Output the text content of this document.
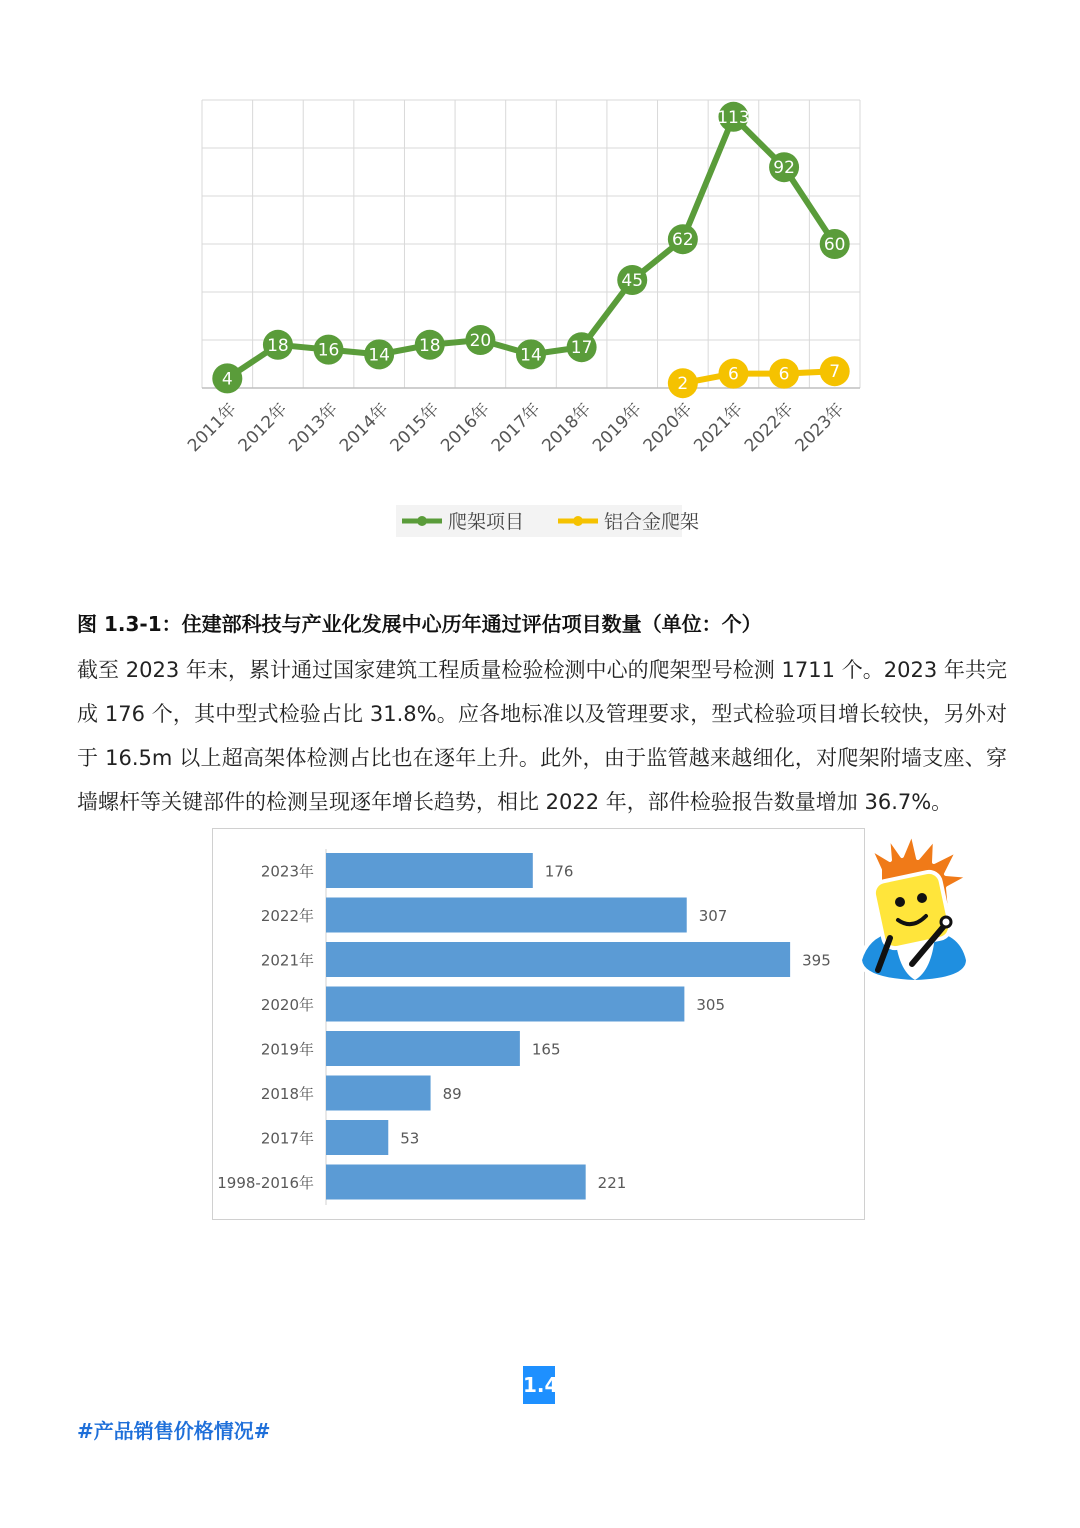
2011年
2012年
2013年
2014年
2015年
2016年
2017年
2018年
2019年
2020年
2021年
2022年
2023年
4
18 16 14 18 20
14 17
45
62
113
92
60
2 6 6 7
爬架项目	铝合金爬架

图 1.3-1：住建部科技与产业化发展中心历年通过评估项目数量（单位：个）

截至 2023 年末，累计通过国家建筑工程质量检验检测中心的爬架型号检测 1711 个。2023 年共完成 176 个，其中型式检验占比 31.8%。应各地标准以及管理要求，型式检验项目增长较快，另外对于 16.5m 以上超高架体检测占比也在逐年上升。此外，由于监管越来越细化，对爬架附墙支座、穿墙螺杆等关键部件的检测呈现逐年增长趋势，相比 2022 年，部件检验报告数量增加 36.7%。

2023年	176
2022年	307
2021年	395
2020年	305
2019年	165
2018年	89
2017年	53
1998-2016年	221
1.4
#产品销售价格情况#
